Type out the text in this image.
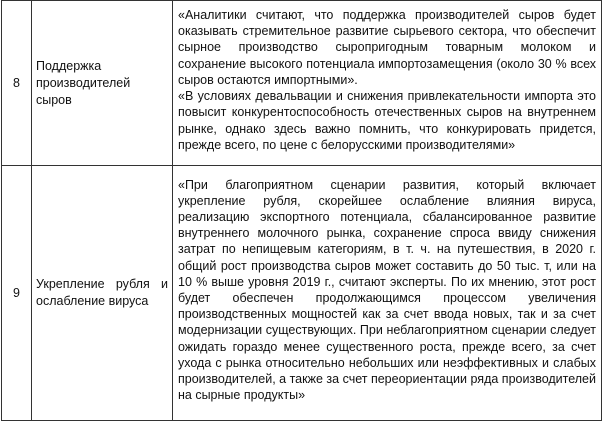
8	Поддержка производителей сыров	«Аналитики считают, что поддержка производителей сыров будет оказывать стремительное развитие сырьевого сектора, что обеспечит сырное производство сыропригодным товарным молоком и сохранение высокого потенциала импортозамещения (около 30 % всех сыров остаются импортными».

«В условиях девальвации и снижения привлекательности импорта это повысит конкурентоспособность отечественных сыров на внутреннем рынке, однако здесь важно помнить, что конкурировать придется, прежде всего, по цене с белорусскими производителями»

9	Укрепление рубля и ослабление вируса	«При благоприятном сценарии развития, который включает укрепление рубля, скорейшее ослабление влияния вируса, реализацию экспортного потенциала, сбалансированное развитие внутреннего молочного рынка, сохранение спроса ввиду снижения затрат по непищевым категориям, в т. ч. на путешествия, в 2020 г. общий рост производства сыров может составить до 50 тыс. т, или на 10 % выше уровня 2019 г., считают эксперты. По их мнению, этот рост будет обеспечен продолжающимся процессом увеличения производственных мощностей как за счет ввода новых, так и за счет модернизации существующих. При неблагоприятном сценарии следует ожидать гораздо менее существенного роста, прежде всего, за счет ухода с рынка относительно небольших или неэффективных и слабых производителей, а также за счет переориентации ряда производителей на сырные продукты»
